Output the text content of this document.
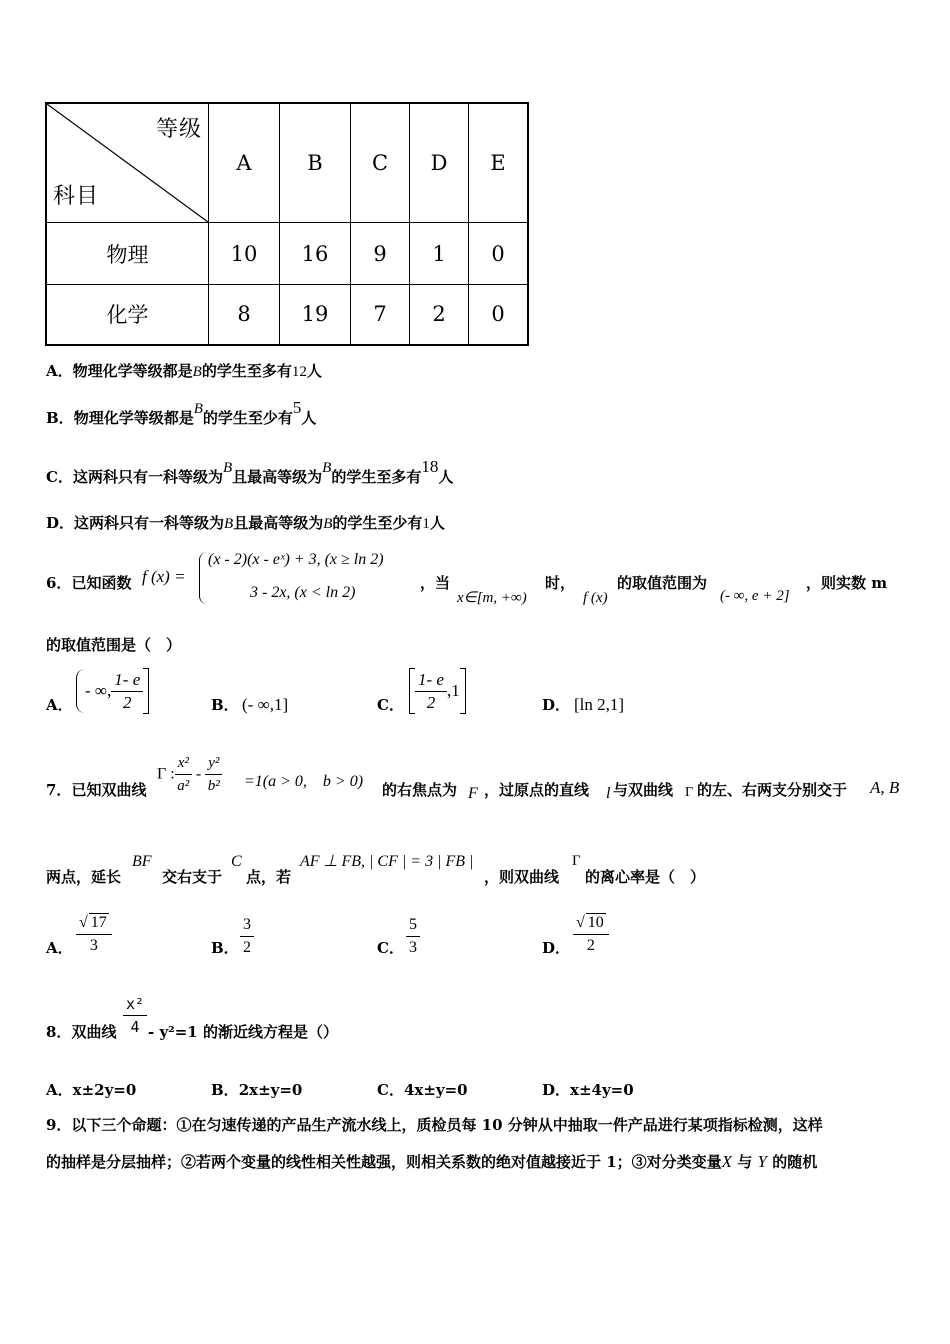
等级
科目	A	B	C	D	E
物理	10	16	9	1	0
化学	8	19	7	2	0
A．物理化学等级都是B的学生至多有12人
B．物理化学等级都是B的学生至少有5人
C．这两科只有一科等级为B且最高等级为B的学生至多有18人
D．这两科只有一科等级为B且最高等级为B的学生至少有1人
6．已知函数 f (x) =
(x - 2)(x - eˣ) + 3, (x ≥ ln 2)
3 - 2x, (x < ln 2)
，当
x∈[m, +∞)
时，
f (x)
的取值范围为
(- ∞, e + 2]
，则实数 m
的取值范围是（　）
A．
- ∞, $\frac{1- e}{2}$	B． (- ∞,1]	C． $\frac{1- e}{2} ,1$
D． [ln 2,1]
7．已知双曲线
Γ : $\frac{\text{x²}}{\text{a²}} - \frac{\text{y²}}{\text{b²}} =1(a > 0$,　b > 0) 的右焦点为 F ，过原点的直线 l 与双曲线 Γ 的左、右两支分别交于 A, B
两点，延长
BF
交右支于
C
点，若
AF ⊥ FB, | CF | = 3 | FB |
，则双曲线
Γ
的离心率是（　）
A． $\frac{√ 17}{3}$	B． $\frac{3}{2}$	C． $\frac{5}{3}$	D． $\frac{√ 10}{2}$
8．双曲线 $\frac{\text{x²}}{4} - y^2=1$ 的渐近线方程是（）
A．x±2y=0	B．2x±y=0	C．4x±y=0	D．x±4y=0
9．以下三个命题：①在匀速传递的产品生产流水线上，质检员每 10 分钟从中抽取一件产品进行某项指标检测，这样
的抽样是分层抽样；②若两个变量的线性相关性越强，则相关系数的绝对值越接近于 1；③对分类变量X 与 Y 的随机
